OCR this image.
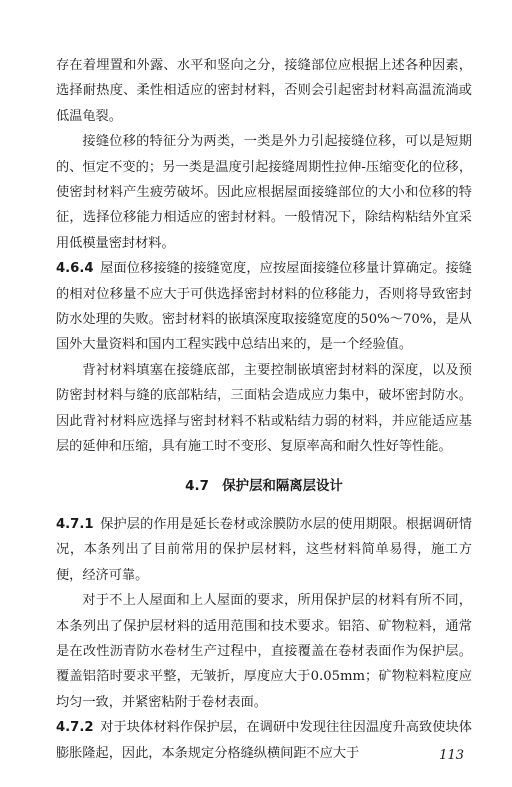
存在着埋置和外露、水平和竖向之分，接缝部位应根据上述各种因素，选择耐热度、柔性相适应的密封材料，否则会引起密封材料高温流淌或低温龟裂。

接缝位移的特征分为两类，一类是外力引起接缝位移，可以是短期的、恒定不变的；另一类是温度引起接缝周期性拉伸-压缩变化的位移，使密封材料产生疲劳破坏。因此应根据屋面接缝部位的大小和位移的特征，选择位移能力相适应的密封材料。一般情况下，除结构粘结外宜采用低模量密封材料。

4.6.4 屋面位移接缝的接缝宽度，应按屋面接缝位移量计算确定。接缝的相对位移量不应大于可供选择密封材料的位移能力，否则将导致密封防水处理的失败。密封材料的嵌填深度取接缝宽度的50%～70%，是从国外大量资料和国内工程实践中总结出来的，是一个经验值。

背衬材料填塞在接缝底部，主要控制嵌填密封材料的深度，以及预防密封材料与缝的底部粘结，三面粘会造成应力集中，破坏密封防水。因此背衬材料应选择与密封材料不粘或粘结力弱的材料，并应能适应基层的延伸和压缩，具有施工时不变形、复原率高和耐久性好等性能。

4.7　保护层和隔离层设计

4.7.1 保护层的作用是延长卷材或涂膜防水层的使用期限。根据调研情况，本条列出了目前常用的保护层材料，这些材料简单易得，施工方便，经济可靠。

对于不上人屋面和上人屋面的要求，所用保护层的材料有所不同，本条列出了保护层材料的适用范围和技术要求。铝箔、矿物粒料，通常是在改性沥青防水卷材生产过程中，直接覆盖在卷材表面作为保护层。覆盖铝箔时要求平整，无皱折，厚度应大于0.05mm；矿物粒料粒度应均匀一致，并紧密粘附于卷材表面。

4.7.2 对于块体材料作保护层，在调研中发现往往因温度升高致使块体膨胀隆起，因此，本条规定分格缝纵横间距不应大于	113
